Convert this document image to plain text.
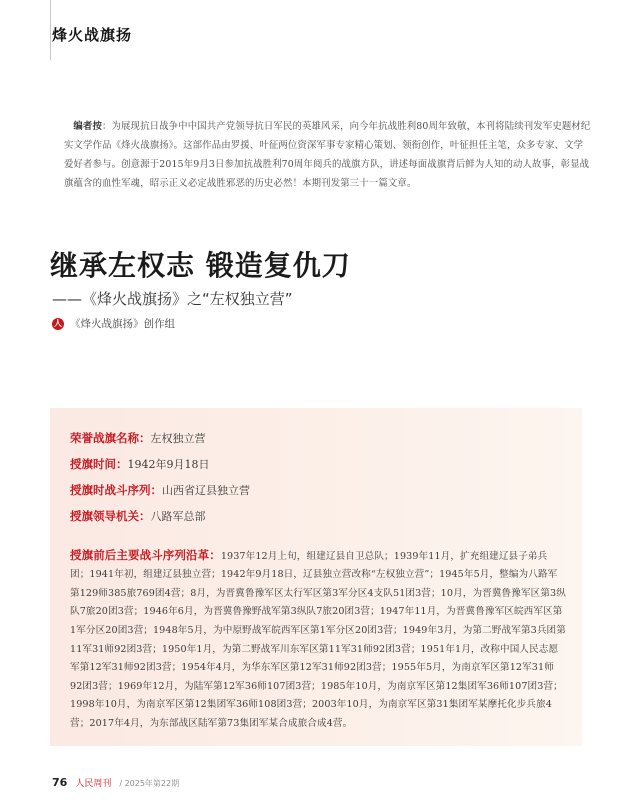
烽火战旗扬

编者按：为展现抗日战争中中国共产党领导抗日军民的英雄风采，向今年抗战胜利80周年致敬，本刊将陆续刊发军史题材纪实文学作品《烽火战旗扬》。这部作品由罗援、叶征两位资深军事专家精心策划、领衔创作，叶征担任主笔，众多专家、文学爱好者参与。创意源于2015年9月3日参加抗战胜利70周年阅兵的战旗方队，讲述每面战旗背后鲜为人知的动人故事，彰显战旗蕴含的血性军魂，昭示正义必定战胜邪恶的历史必然！本期刊发第三十一篇文章。

继承左权志 锻造复仇刀
——《烽火战旗扬》之“左权独立营”
人 《烽火战旗扬》创作组
荣誉战旗名称：左权独立营
授旗时间：1942年9月18日
授旗时战斗序列：山西省辽县独立营
授旗领导机关：八路军总部

授旗前后主要战斗序列沿革：1937年12月上旬，组建辽县自卫总队；1939年11月，扩充组建辽县子弟兵团；1941年初，组建辽县独立营；1942年9月18日，辽县独立营改称“左权独立营”；1945年5月，整编为八路军第129师385旅769团4营；8月，为晋冀鲁豫军区太行军区第3军分区4支队51团3营；10月，为晋冀鲁豫军区第3纵队7旅20团3营；1946年6月，为晋冀鲁豫野战军第3纵队7旅20团3营；1947年11月，为晋冀鲁豫军区皖西军区第1军分区20团3营；1948年5月，为中原野战军皖西军区第1军分区20团3营；1949年3月，为第二野战军第3兵团第11军31师92团3营；1950年1月，为第二野战军川东军区第11军31师92团3营；1951年1月，改称中国人民志愿军第12军31师92团3营；1954年4月，为华东军区第12军31师92团3营；1955年5月，为南京军区第12军31师92团3营；1969年12月，为陆军第12军36师107团3营；1985年10月，为南京军区第12集团军36师107团3营；1998年10月，为南京军区第12集团军36师108团3营；2003年10月，为南京军区第31集团军某摩托化步兵旅4营；2017年4月，为东部战区陆军第73集团军某合成旅合成4营。

76 人民周刊 / 2025年第22期
